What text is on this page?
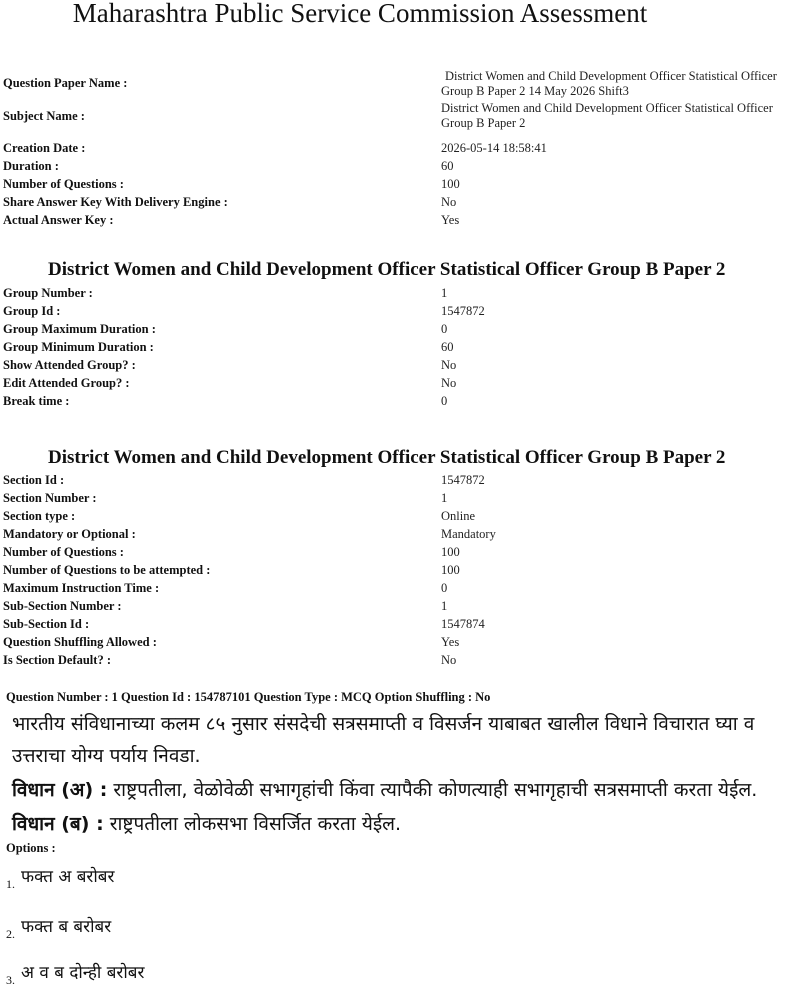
Maharashtra Public Service Commission Assessment
Question Paper Name :	District Women and Child Development Officer Statistical Officer
Group B Paper 2 14 May 2026 Shift3
Subject Name :
District Women and Child Development Officer Statistical Officer
Group B Paper 2
Creation Date :	2026-05-14 18:58:41
Duration :	60
Number of Questions :	100
Share Answer Key With Delivery Engine :	No
Actual Answer Key :	Yes
District Women and Child Development Officer Statistical Officer Group B Paper 2
Group Number :	1
Group Id :	1547872
Group Maximum Duration :	0
Group Minimum Duration :	60
Show Attended Group? :	No
Edit Attended Group? :	No
Break time :	0
District Women and Child Development Officer Statistical Officer Group B Paper 2
Section Id :	1547872
Section Number :	1
Section type :	Online
Mandatory or Optional :	Mandatory
Number of Questions :	100
Number of Questions to be attempted :	100
Maximum Instruction Time :	0
Sub-Section Number :	1
Sub-Section Id :	1547874
Question Shuffling Allowed :	Yes
Is Section Default? :	No
Question Number : 1 Question Id : 154787101 Question Type : MCQ Option Shuffling : No
भारतीय संविधानाच्या कलम ८५ नुसार संसदेची सत्रसमाप्ती व विसर्जन याबाबत खालील विधाने विचारात घ्या व
उत्तराचा योग्य पर्याय निवडा.
विधान (अ) : राष्ट्रपतीला, वेळोवेळी सभागृहांची किंवा त्यापैकी कोणत्याही सभागृहाची सत्रसमाप्ती करता येईल.
विधान (ब) : राष्ट्रपतीला लोकसभा विसर्जित करता येईल.
Options :
$_{1.}$ फक्त अ बरोबर
$_{2.}$ फक्त ब बरोबर
$_{3.}$ अ व ब दोन्ही बरोबर
